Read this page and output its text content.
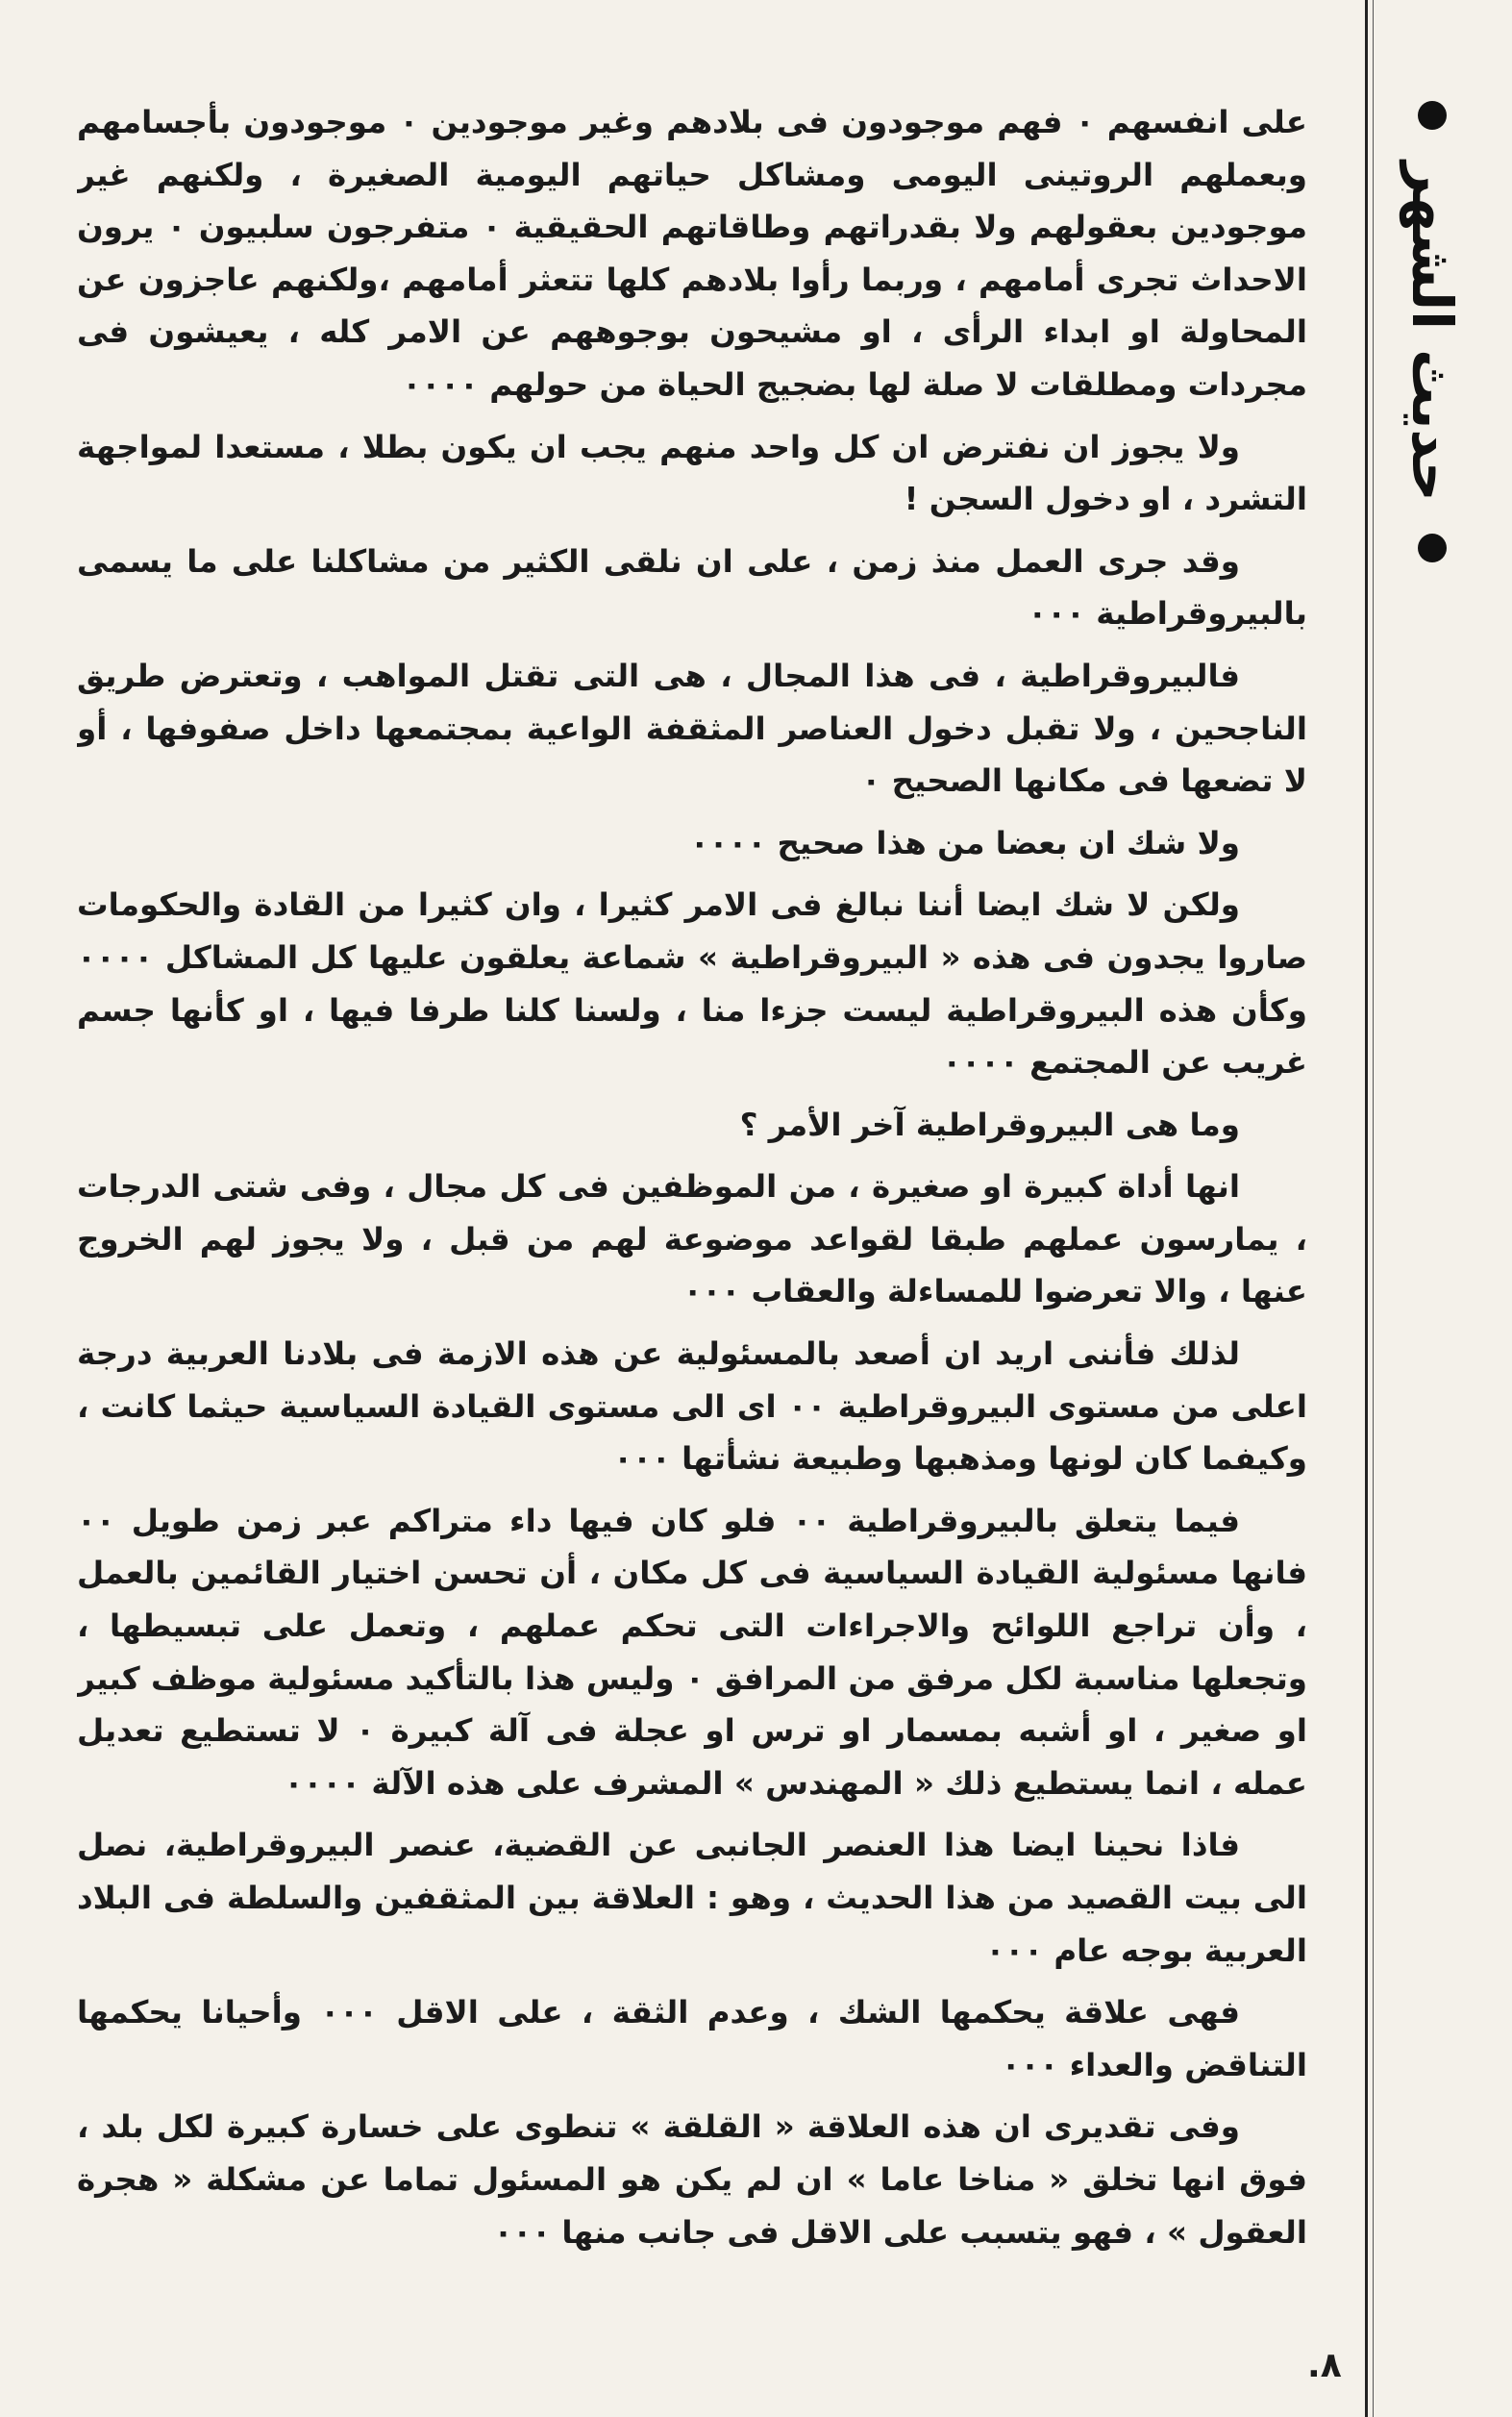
حديث الشهر

على انفسهم ٠ فهم موجودون فى بلادهم وغير موجودين ٠ موجودون بأجسامهم وبعملهم الروتينى اليومى ومشاكل حياتهم اليومية الصغيرة ، ولكنهم غير موجودين بعقولهم ولا بقدراتهم وطاقاتهم الحقيقية ٠ متفرجون سلبيون ٠ يرون الاحداث تجرى أمامهم ، وربما رأوا بلادهم كلها تتعثر أمامهم ،ولكنهم عاجزون عن المحاولة او ابداء الرأى ، او مشيحون بوجوههم عن الامر كله ، يعيشون فى مجردات ومطلقات لا صلة لها بضجيج الحياة من حولهم ٠٠٠٠

ولا يجوز ان نفترض ان كل واحد منهم يجب ان يكون بطلا ، مستعدا لمواجهة التشرد ، او دخول السجن !

وقد جرى العمل منذ زمن ، على ان نلقى الكثير من مشاكلنا على ما يسمى بالبيروقراطية ٠٠٠

فالبيروقراطية ، فى هذا المجال ، هى التى تقتل المواهب ، وتعترض طريق الناجحين ، ولا تقبل دخول العناصر المثقفة الواعية بمجتمعها داخل صفوفها ، أو لا تضعها فى مكانها الصحيح ٠

ولا شك ان بعضا من هذا صحيح ٠٠٠٠

ولكن لا شك ايضا أننا نبالغ فى الامر كثيرا ، وان كثيرا من القادة والحكومات صاروا يجدون فى هذه « البيروقراطية » شماعة يعلقون عليها كل المشاكل ٠٠٠٠ وكأن هذه البيروقراطية ليست جزءا منا ، ولسنا كلنا طرفا فيها ، او كأنها جسم غريب عن المجتمع ٠٠٠٠

وما هى البيروقراطية آخر الأمر ؟

انها أداة كبيرة او صغيرة ، من الموظفين فى كل مجال ، وفى شتى الدرجات ، يمارسون عملهم طبقا لقواعد موضوعة لهم من قبل ، ولا يجوز لهم الخروج عنها ، والا تعرضوا للمساءلة والعقاب ٠٠٠

لذلك فأننى اريد ان أصعد بالمسئولية عن هذه الازمة فى بلادنا العربية درجة اعلى من مستوى البيروقراطية ٠٠ اى الى مستوى القيادة السياسية حيثما كانت ، وكيفما كان لونها ومذهبها وطبيعة نشأتها ٠٠٠

فيما يتعلق بالبيروقراطية ٠٠ فلو كان فيها داء متراكم عبر زمن طويل ٠٠ فانها مسئولية القيادة السياسية فى كل مكان ، أن تحسن اختيار القائمين بالعمل ، وأن تراجع اللوائح والاجراءات التى تحكم عملهم ، وتعمل على تبسيطها ، وتجعلها مناسبة لكل مرفق من المرافق ٠ وليس هذا بالتأكيد مسئولية موظف كبير او صغير ، او أشبه بمسمار او ترس او عجلة فى آلة كبيرة ٠ لا تستطيع تعديل عمله ، انما يستطيع ذلك « المهندس » المشرف على هذه الآلة ٠٠٠٠

فاذا نحينا ايضا هذا العنصر الجانبى عن القضية، عنصر البيروقراطية، نصل الى بيت القصيد من هذا الحديث ، وهو : العلاقة بين المثقفين والسلطة فى البلاد العربية بوجه عام ٠٠٠

فهى علاقة يحكمها الشك ، وعدم الثقة ، على الاقل ٠٠٠ وأحيانا يحكمها التناقض والعداء ٠٠٠

وفى تقديرى ان هذه العلاقة « القلقة » تنطوى على خسارة كبيرة لكل بلد ، فوق انها تخلق « مناخا عاما » ان لم يكن هو المسئول تماما عن مشكلة « هجرة العقول » ، فهو يتسبب على الاقل فى جانب منها ٠٠٠

٨.
